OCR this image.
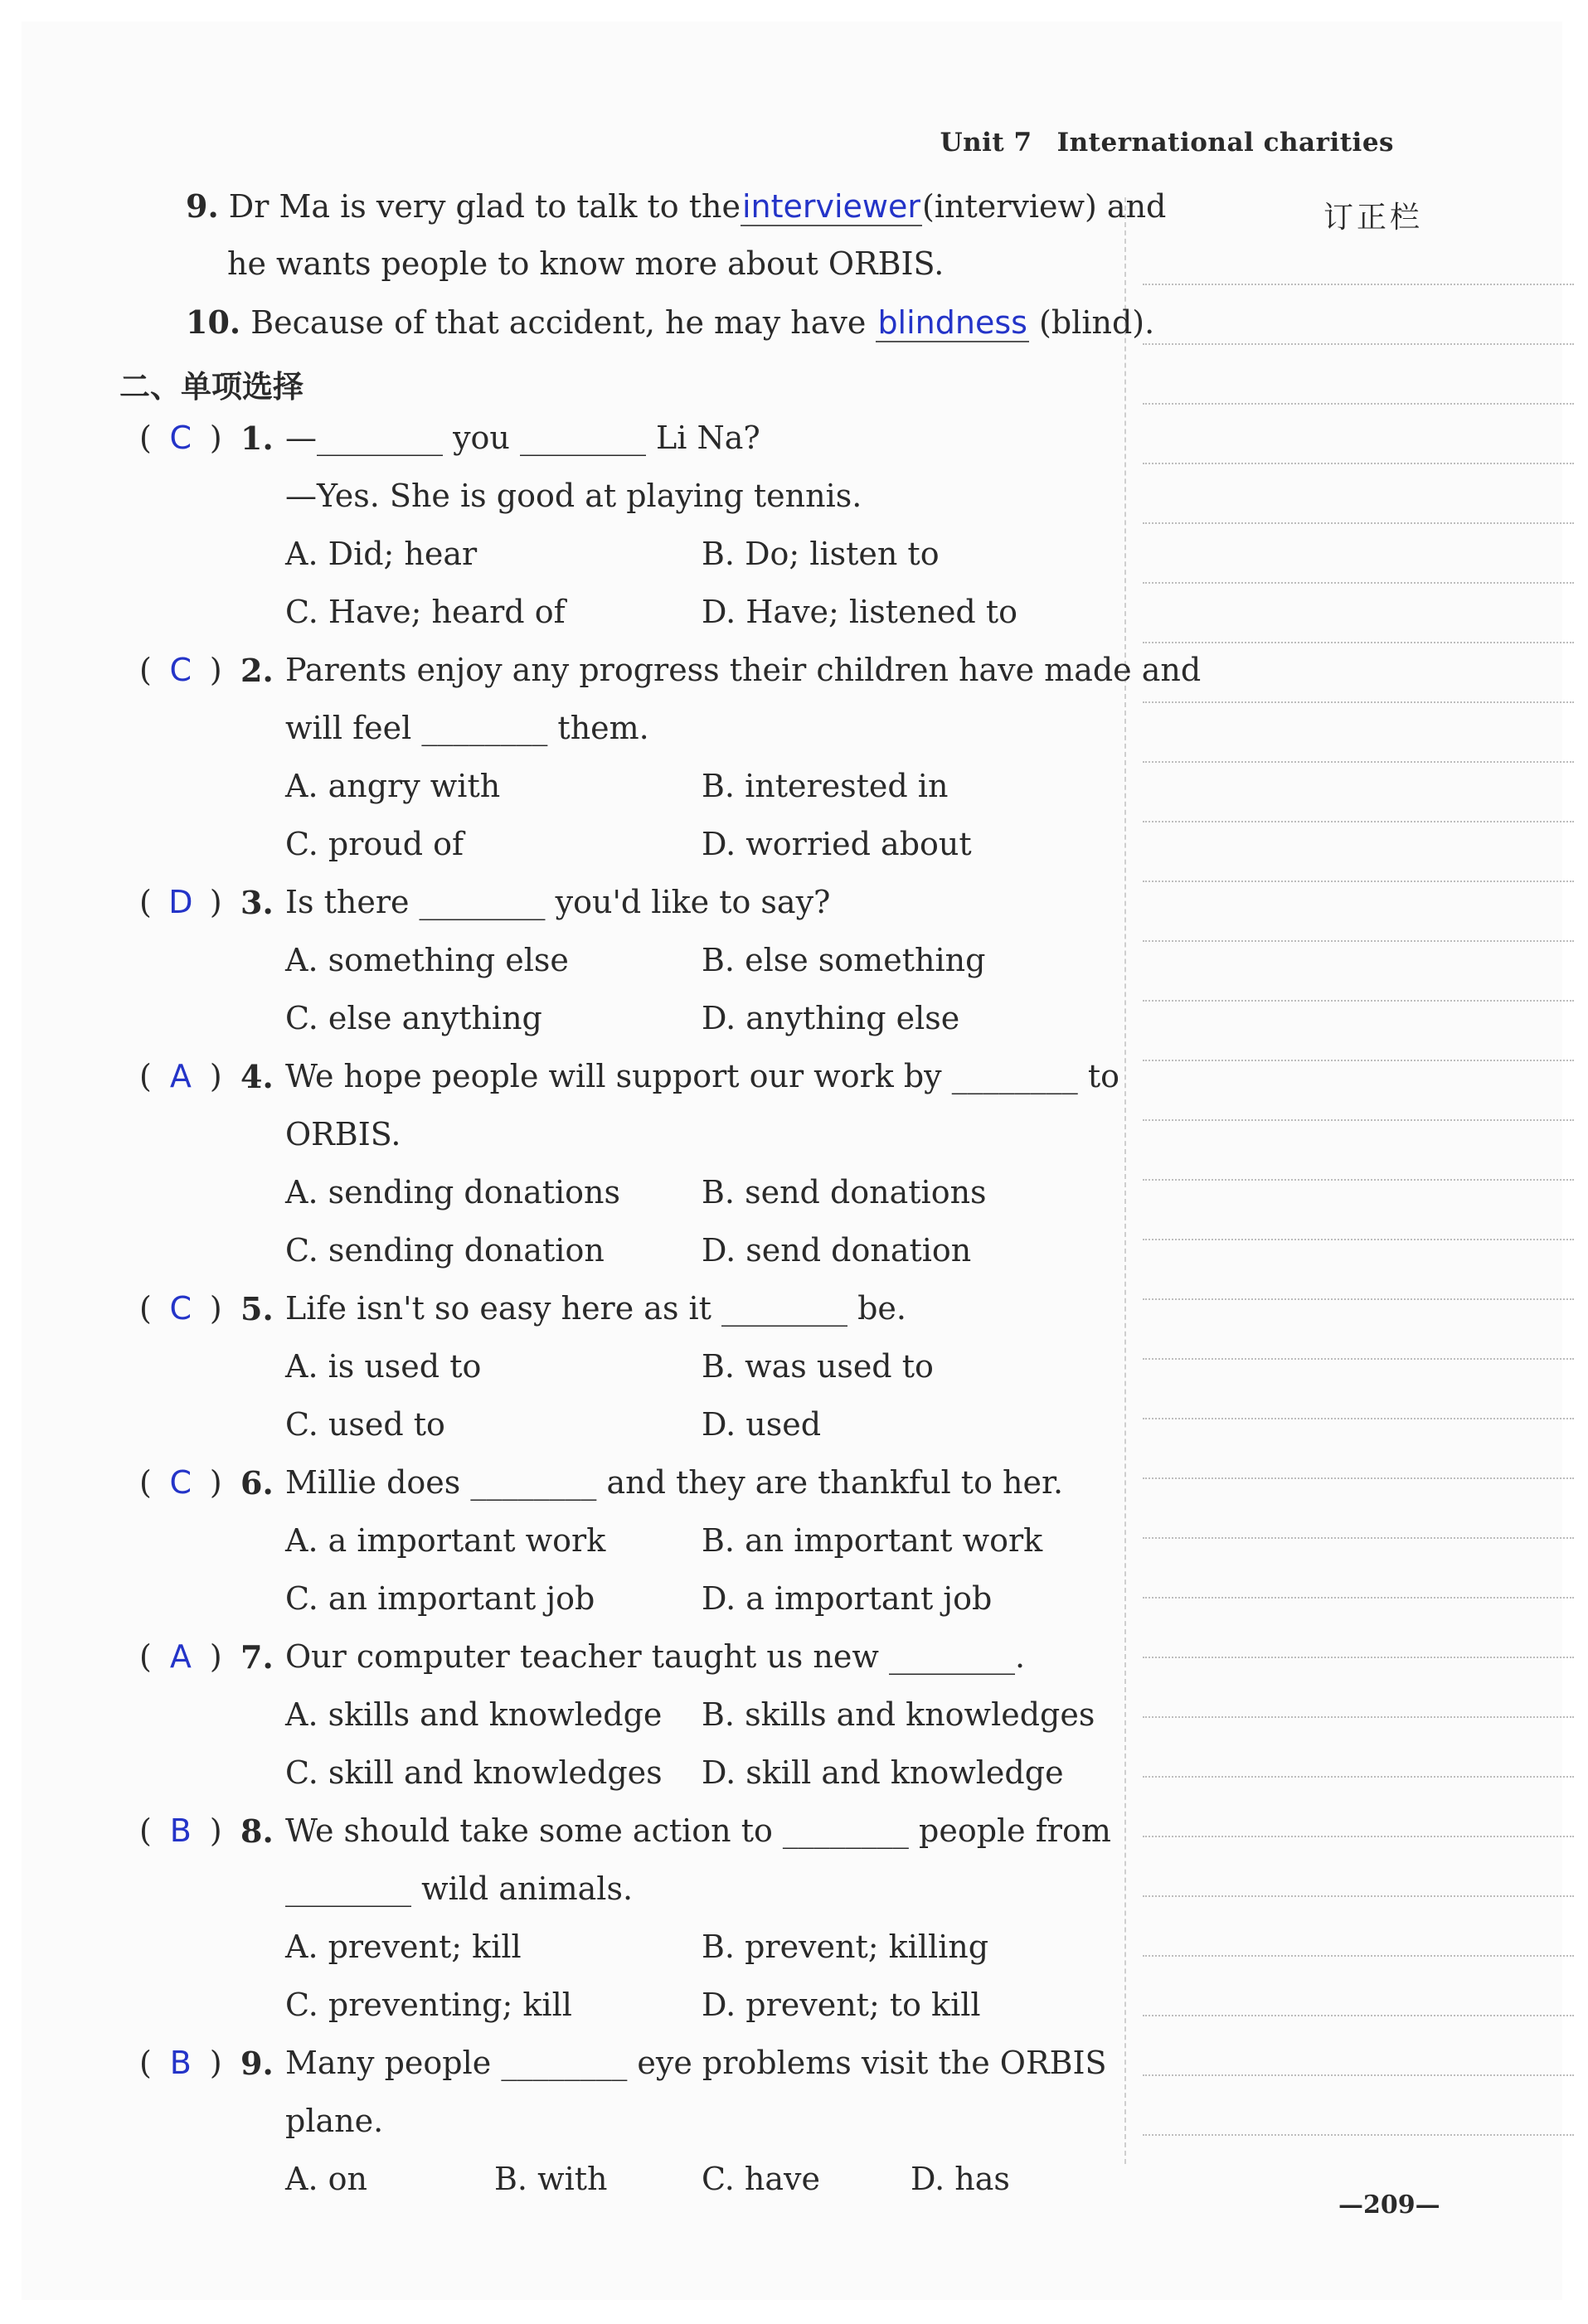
Unit 7 International charities
订正栏
9. Dr Ma is very glad to talk to theinterviewer(interview) and
he wants people to know more about ORBIS.
10. Because of that accident, he may have blindness (blind).
二、单项选择
( C ) 1. —________ you ________ Li Na?
—Yes. She is good at playing tennis.
A. Did; hear	B. Do; listen to
C. Have; heard of	D. Have; listened to
( C ) 2. Parents enjoy any progress their children have made and
will feel ________ them.
A. angry with	B. interested in
C. proud of	D. worried about
( D ) 3. Is there ________ you'd like to say?
A. something else	B. else something
C. else anything	D. anything else
( A ) 4. We hope people will support our work by ________ to
ORBIS.
A. sending donations	B. send donations
C. sending donation	D. send donation
( C ) 5. Life isn't so easy here as it ________ be.
A. is used to	B. was used to
C. used to	D. used
( C ) 6. Millie does ________ and they are thankful to her.
A. a important work	B. an important work
C. an important job	D. a important job
( A ) 7. Our computer teacher taught us new ________.
A. skills and knowledge B. skills and knowledges
C. skill and knowledges D. skill and knowledge
( B ) 8. We should take some action to ________ people from
________ wild animals.
A. prevent; kill	B. prevent; killing
C. preventing; kill	D. prevent; to kill
( B ) 9. Many people ________ eye problems visit the ORBIS
plane.
A. on	B. with	C. have	D. has
—209—
